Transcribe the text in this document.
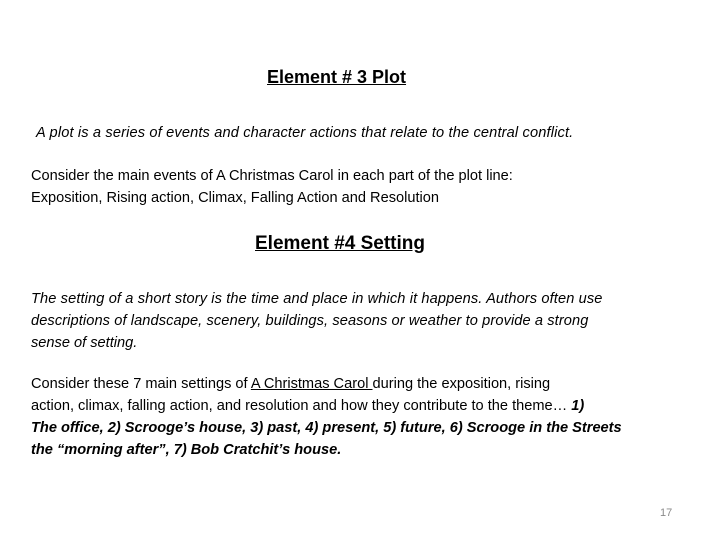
Element # 3 Plot
A plot is a series of events and character actions that relate to the central conflict.
Consider the main events of A Christmas Carol in each part of the plot line:
Exposition, Rising action, Climax, Falling Action and Resolution
Element #4 Setting
The setting of a short story is the time and place in which it happens. Authors often use
descriptions of landscape, scenery, buildings, seasons or weather to provide a strong
sense of setting.
Consider these 7 main settings of A Christmas Carol during the exposition, rising
action, climax, falling action, and resolution and how they contribute to the theme… 1)
The office, 2) Scrooge’s house, 3) past, 4) present, 5) future, 6) Scrooge in the Streets
the “morning after”, 7) Bob Cratchit’s house.
17
